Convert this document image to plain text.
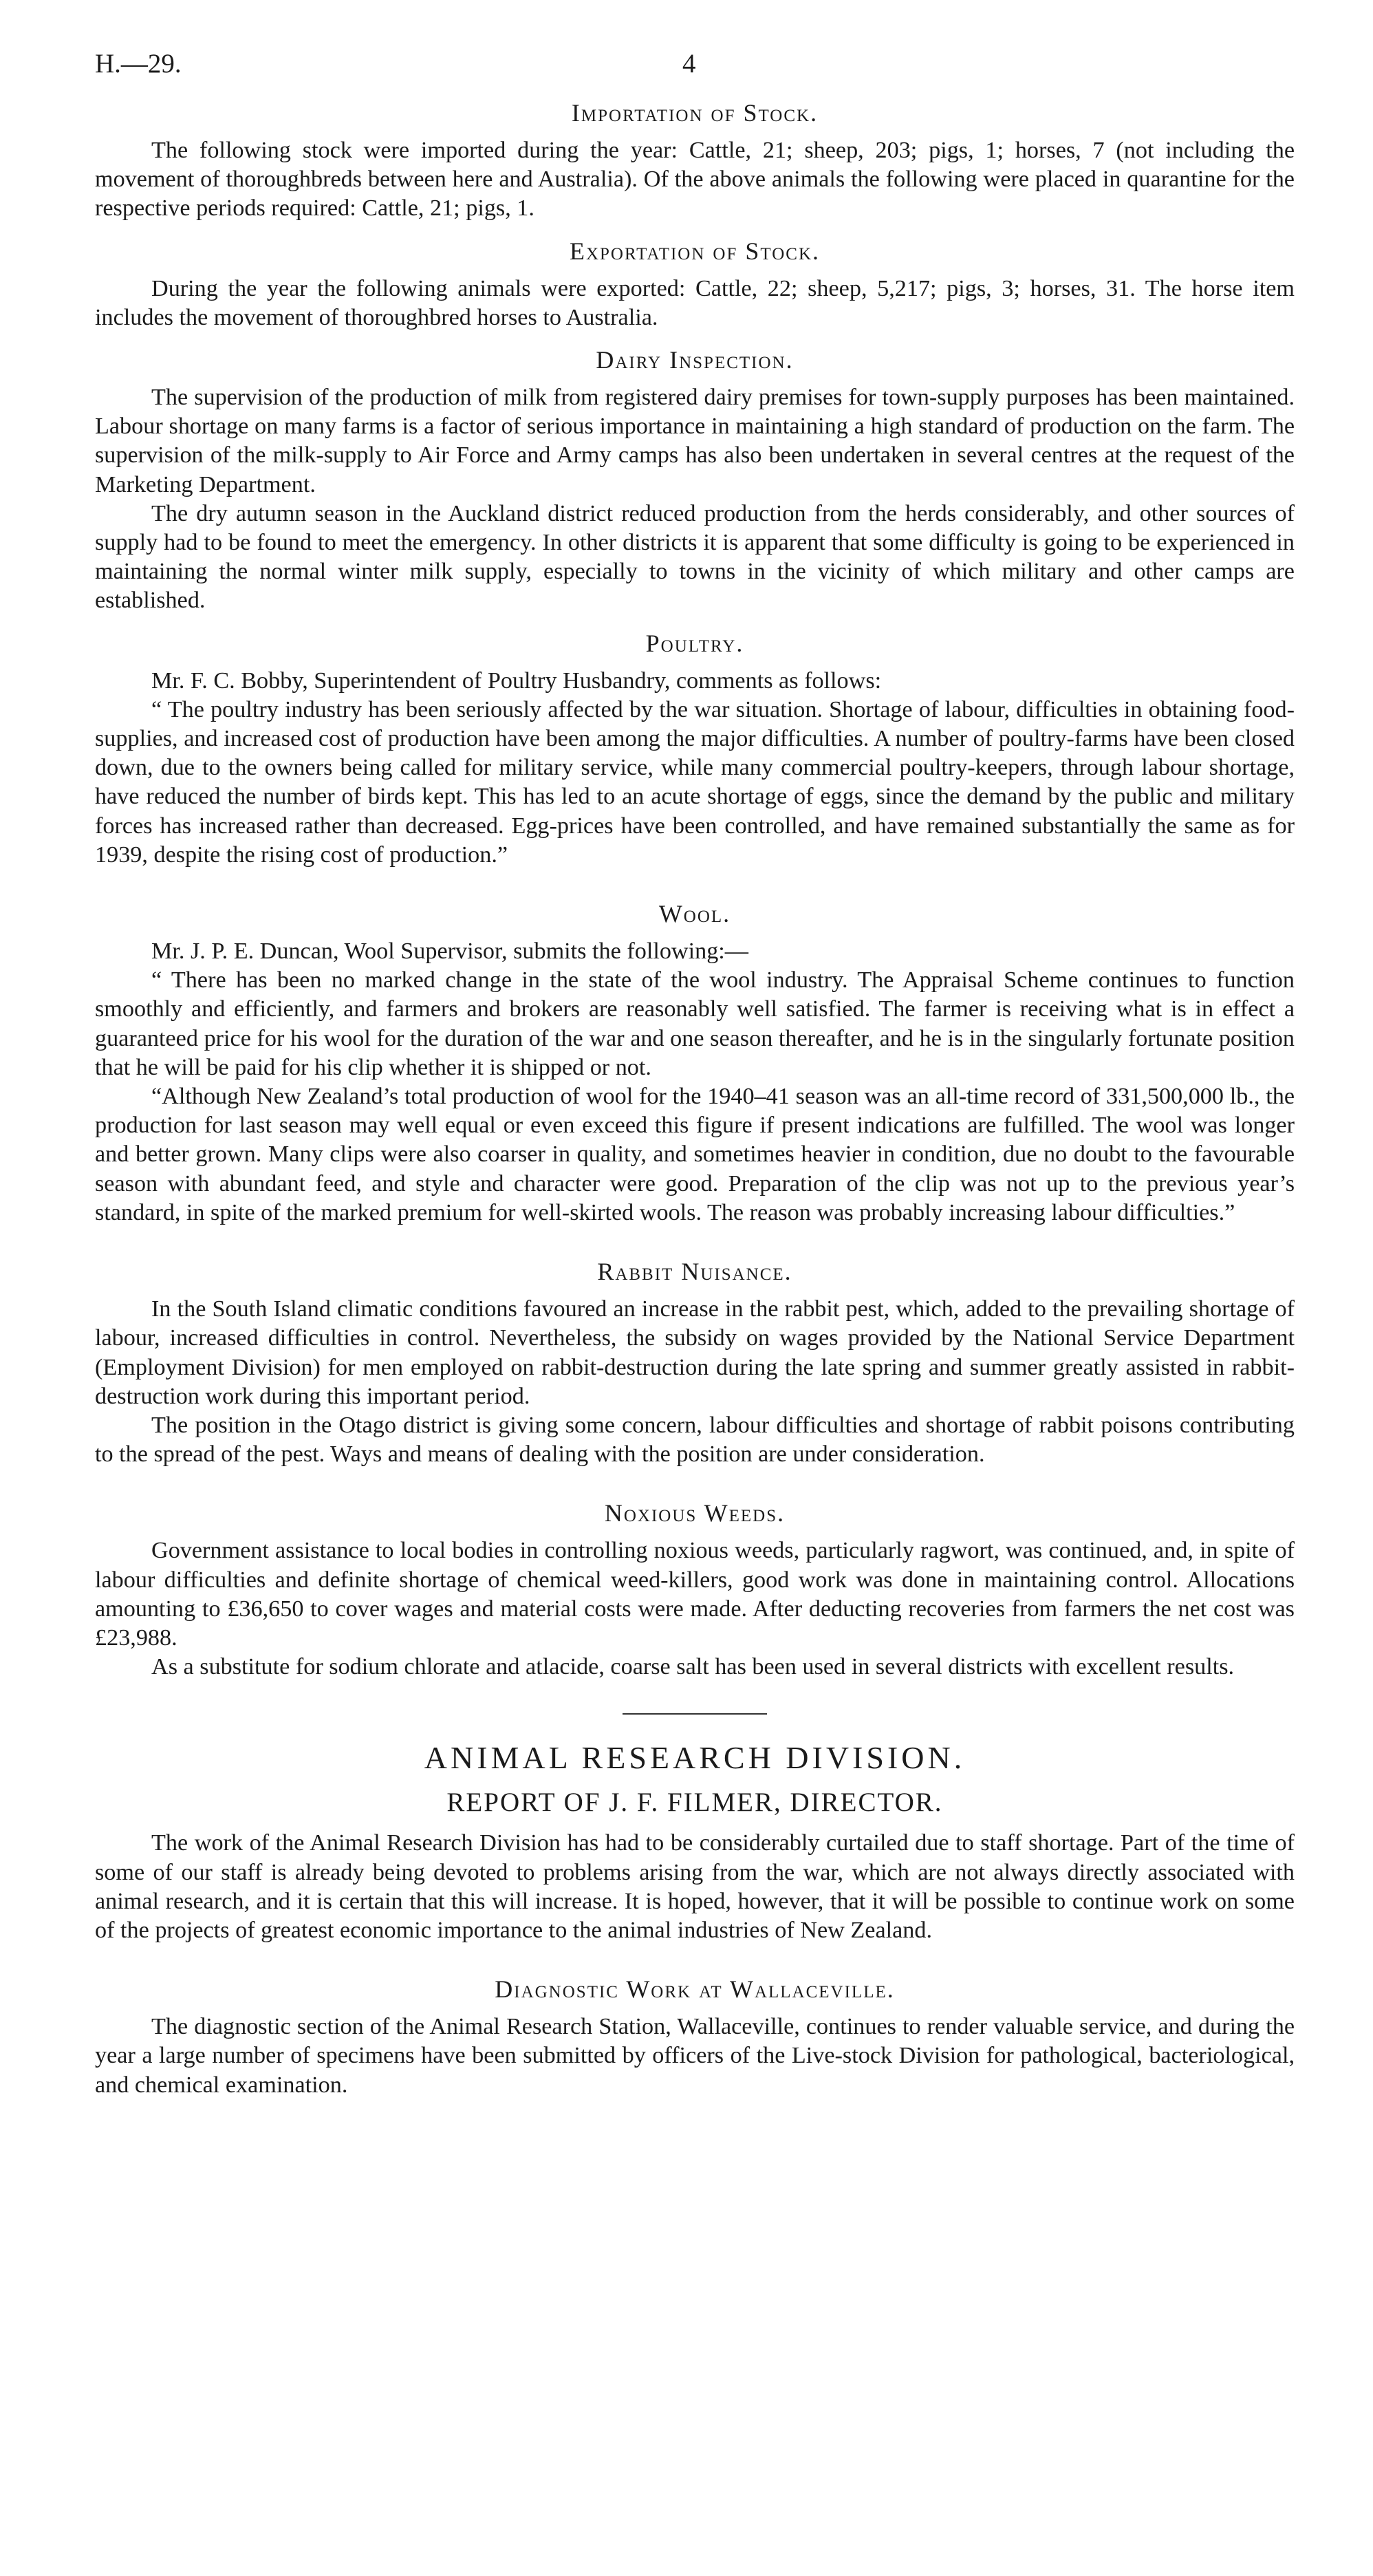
H.—29.	4
Importation of Stock.

The following stock were imported during the year: Cattle, 21; sheep, 203; pigs, 1; horses, 7 (not including the movement of thoroughbreds between here and Australia). Of the above animals the following were placed in quarantine for the respective periods required: Cattle, 21; pigs, 1.

Exportation of Stock.

During the year the following animals were exported: Cattle, 22; sheep, 5,217; pigs, 3; horses, 31. The horse item includes the movement of thoroughbred horses to Australia.

Dairy Inspection.

The supervision of the production of milk from registered dairy premises for town-supply purposes has been maintained. Labour shortage on many farms is a factor of serious importance in maintaining a high standard of production on the farm. The supervision of the milk-supply to Air Force and Army camps has also been undertaken in several centres at the request of the Marketing Department.

The dry autumn season in the Auckland district reduced production from the herds considerably, and other sources of supply had to be found to meet the emergency. In other districts it is apparent that some difficulty is going to be experienced in maintaining the normal winter milk supply, especially to towns in the vicinity of which military and other camps are established.

Poultry.

Mr. F. C. Bobby, Superintendent of Poultry Husbandry, comments as follows:

“ The poultry industry has been seriously affected by the war situation. Shortage of labour, difficulties in obtaining food-supplies, and increased cost of production have been among the major difficulties. A number of poultry-farms have been closed down, due to the owners being called for military service, while many commercial poultry-keepers, through labour shortage, have reduced the number of birds kept. This has led to an acute shortage of eggs, since the demand by the public and military forces has increased rather than decreased. Egg-prices have been controlled, and have remained substantially the same as for 1939, despite the rising cost of production.”

Wool.

Mr. J. P. E. Duncan, Wool Supervisor, submits the following:—

“ There has been no marked change in the state of the wool industry. The Appraisal Scheme continues to function smoothly and efficiently, and farmers and brokers are reasonably well satisfied. The farmer is receiving what is in effect a guaranteed price for his wool for the duration of the war and one season thereafter, and he is in the singularly fortunate position that he will be paid for his clip whether it is shipped or not.

“Although New Zealand’s total production of wool for the 1940–41 season was an all-time record of 331,500,000 lb., the production for last season may well equal or even exceed this figure if present indications are fulfilled. The wool was longer and better grown. Many clips were also coarser in quality, and sometimes heavier in condition, due no doubt to the favourable season with abundant feed, and style and character were good. Preparation of the clip was not up to the previous year’s standard, in spite of the marked premium for well-skirted wools. The reason was probably increasing labour difficulties.”

Rabbit Nuisance.

In the South Island climatic conditions favoured an increase in the rabbit pest, which, added to the prevailing shortage of labour, increased difficulties in control. Nevertheless, the subsidy on wages provided by the National Service Department (Employment Division) for men employed on rabbit-destruction during the late spring and summer greatly assisted in rabbit-destruction work during this important period.

The position in the Otago district is giving some concern, labour difficulties and shortage of rabbit poisons contributing to the spread of the pest. Ways and means of dealing with the position are under consideration.

Noxious Weeds.

Government assistance to local bodies in controlling noxious weeds, particularly ragwort, was continued, and, in spite of labour difficulties and definite shortage of chemical weed-killers, good work was done in maintaining control. Allocations amounting to £36,650 to cover wages and material costs were made. After deducting recoveries from farmers the net cost was £23,988.

As a substitute for sodium chlorate and atlacide, coarse salt has been used in several districts with excellent results.

ANIMAL RESEARCH DIVISION.
REPORT OF J. F. FILMER, DIRECTOR.

The work of the Animal Research Division has had to be considerably curtailed due to staff shortage. Part of the time of some of our staff is already being devoted to problems arising from the war, which are not always directly associated with animal research, and it is certain that this will increase. It is hoped, however, that it will be possible to continue work on some of the projects of greatest economic importance to the animal industries of New Zealand.

Diagnostic Work at Wallaceville.

The diagnostic section of the Animal Research Station, Wallaceville, continues to render valuable service, and during the year a large number of specimens have been submitted by officers of the Live-stock Division for pathological, bacteriological, and chemical examination.
